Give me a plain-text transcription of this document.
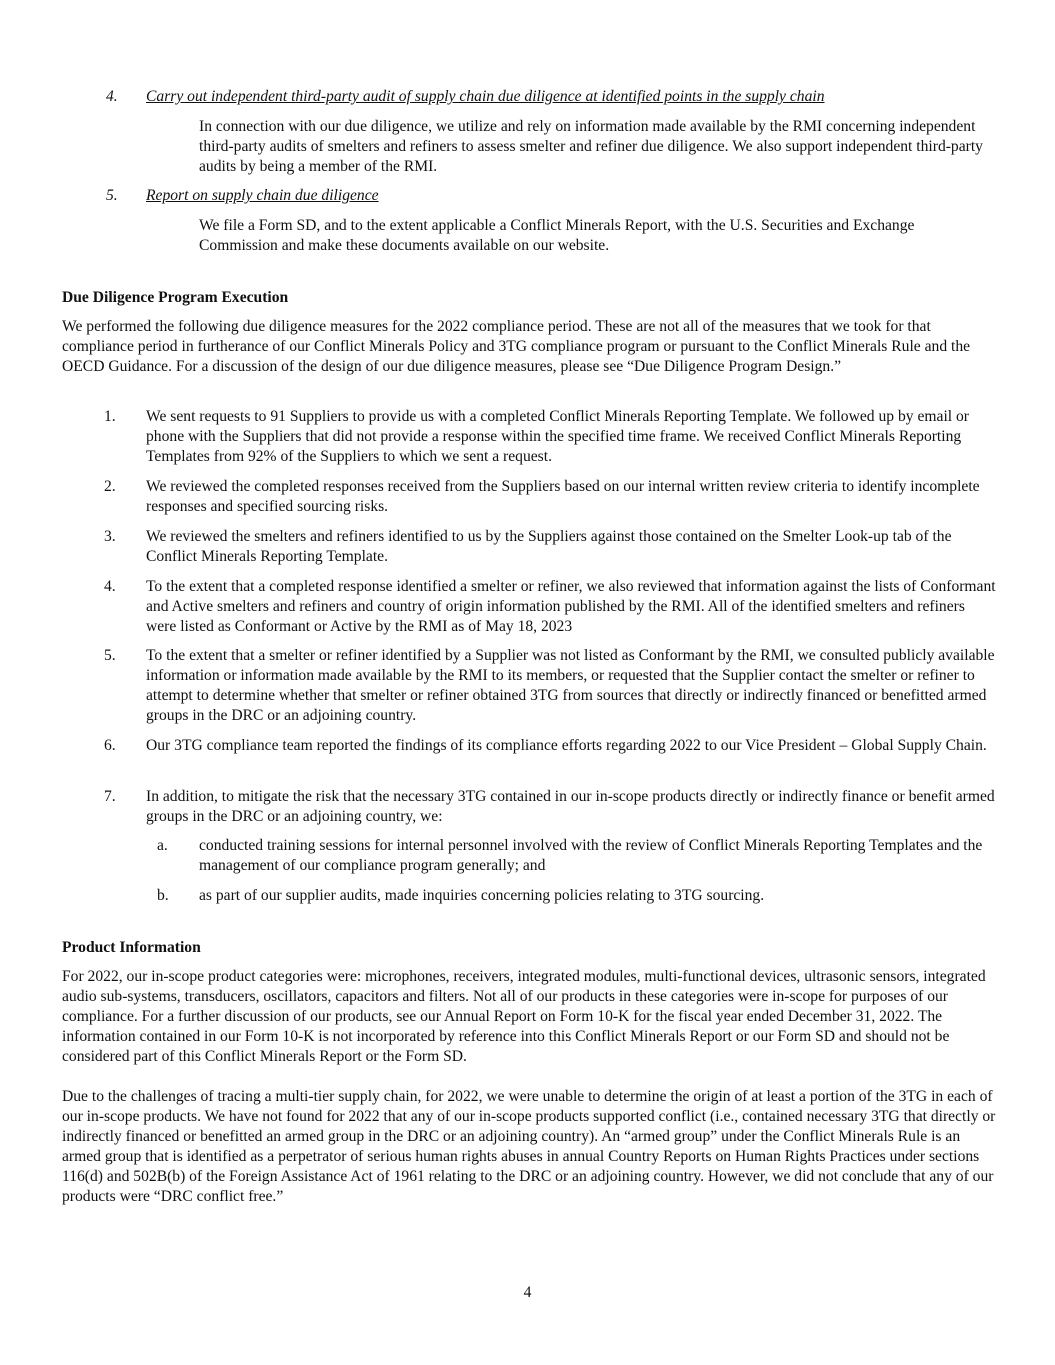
4. Carry out independent third-party audit of supply chain due diligence at identified points in the supply chain

In connection with our due diligence, we utilize and rely on information made available by the RMI concerning independent third-party audits of smelters and refiners to assess smelter and refiner due diligence. We also support independent third-party audits by being a member of the RMI.

5. Report on supply chain due diligence

We file a Form SD, and to the extent applicable a Conflict Minerals Report, with the U.S. Securities and Exchange Commission and make these documents available on our website.

Due Diligence Program Execution

We performed the following due diligence measures for the 2022 compliance period. These are not all of the measures that we took for that compliance period in furtherance of our Conflict Minerals Policy and 3TG compliance program or pursuant to the Conflict Minerals Rule and the OECD Guidance. For a discussion of the design of our due diligence measures, please see “Due Diligence Program Design.”

1. We sent requests to 91 Suppliers to provide us with a completed Conflict Minerals Reporting Template. We followed up by email or phone with the Suppliers that did not provide a response within the specified time frame. We received Conflict Minerals Reporting Templates from 92% of the Suppliers to which we sent a request.

2. We reviewed the completed responses received from the Suppliers based on our internal written review criteria to identify incomplete responses and specified sourcing risks.

3. We reviewed the smelters and refiners identified to us by the Suppliers against those contained on the Smelter Look-up tab of the Conflict Minerals Reporting Template.

4. To the extent that a completed response identified a smelter or refiner, we also reviewed that information against the lists of Conformant and Active smelters and refiners and country of origin information published by the RMI. All of the identified smelters and refiners were listed as Conformant or Active by the RMI as of May 18, 2023

5. To the extent that a smelter or refiner identified by a Supplier was not listed as Conformant by the RMI, we consulted publicly available information or information made available by the RMI to its members, or requested that the Supplier contact the smelter or refiner to attempt to determine whether that smelter or refiner obtained 3TG from sources that directly or indirectly financed or benefitted armed groups in the DRC or an adjoining country.

6. Our 3TG compliance team reported the findings of its compliance efforts regarding 2022 to our Vice President – Global Supply Chain.

7. In addition, to mitigate the risk that the necessary 3TG contained in our in-scope products directly or indirectly finance or benefit armed groups in the DRC or an adjoining country, we:

a. conducted training sessions for internal personnel involved with the review of Conflict Minerals Reporting Templates and the management of our compliance program generally; and

b. as part of our supplier audits, made inquiries concerning policies relating to 3TG sourcing.

Product Information

For 2022, our in-scope product categories were: microphones, receivers, integrated modules, multi-functional devices, ultrasonic sensors, integrated audio sub-systems, transducers, oscillators, capacitors and filters. Not all of our products in these categories were in-scope for purposes of our compliance. For a further discussion of our products, see our Annual Report on Form 10-K for the fiscal year ended December 31, 2022. The information contained in our Form 10-K is not incorporated by reference into this Conflict Minerals Report or our Form SD and should not be considered part of this Conflict Minerals Report or the Form SD.

Due to the challenges of tracing a multi-tier supply chain, for 2022, we were unable to determine the origin of at least a portion of the 3TG in each of our in-scope products. We have not found for 2022 that any of our in-scope products supported conflict (i.e., contained necessary 3TG that directly or indirectly financed or benefitted an armed group in the DRC or an adjoining country). An “armed group” under the Conflict Minerals Rule is an armed group that is identified as a perpetrator of serious human rights abuses in annual Country Reports on Human Rights Practices under sections 116(d) and 502B(b) of the Foreign Assistance Act of 1961 relating to the DRC or an adjoining country. However, we did not conclude that any of our products were “DRC conflict free.”

4
